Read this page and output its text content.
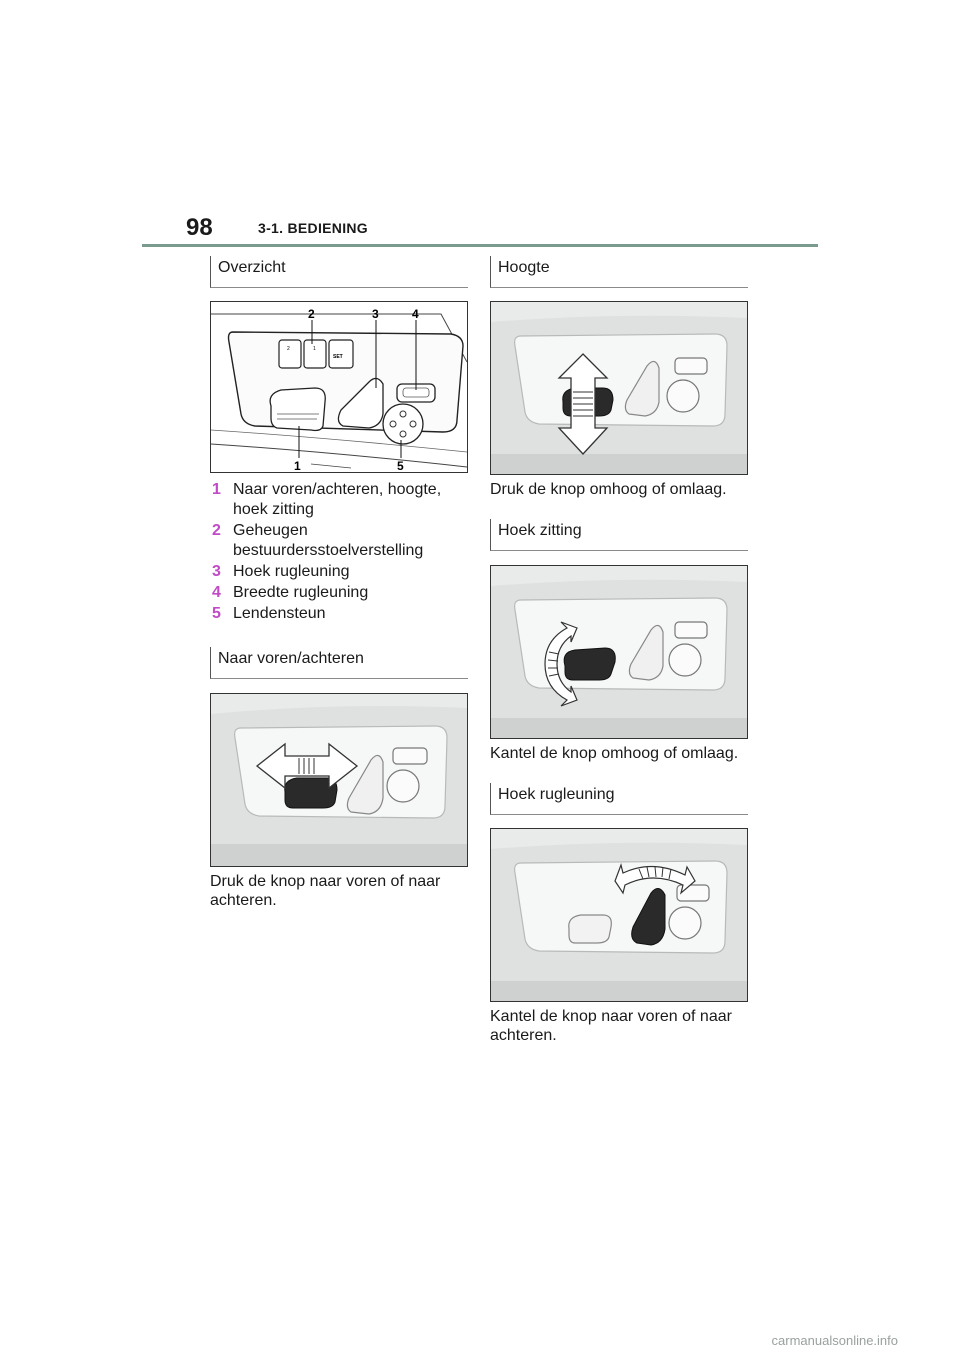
98	3-1. BEDIENING
Overzicht
2	1
SET
2	3	4
1	5
1 Naar voren/achteren, hoogte, hoek zitting
2 Geheugen bestuurdersstoelverstelling
3 Hoek rugleuning
4 Breedte rugleuning
5 Lendensteun
Naar voren/achteren
Druk de knop naar voren of naar achteren.
Hoogte
Druk de knop omhoog of omlaag.
Hoek zitting
Kantel de knop omhoog of omlaag.
Hoek rugleuning
Kantel de knop naar voren of naar achteren.
carmanualsonline.info
